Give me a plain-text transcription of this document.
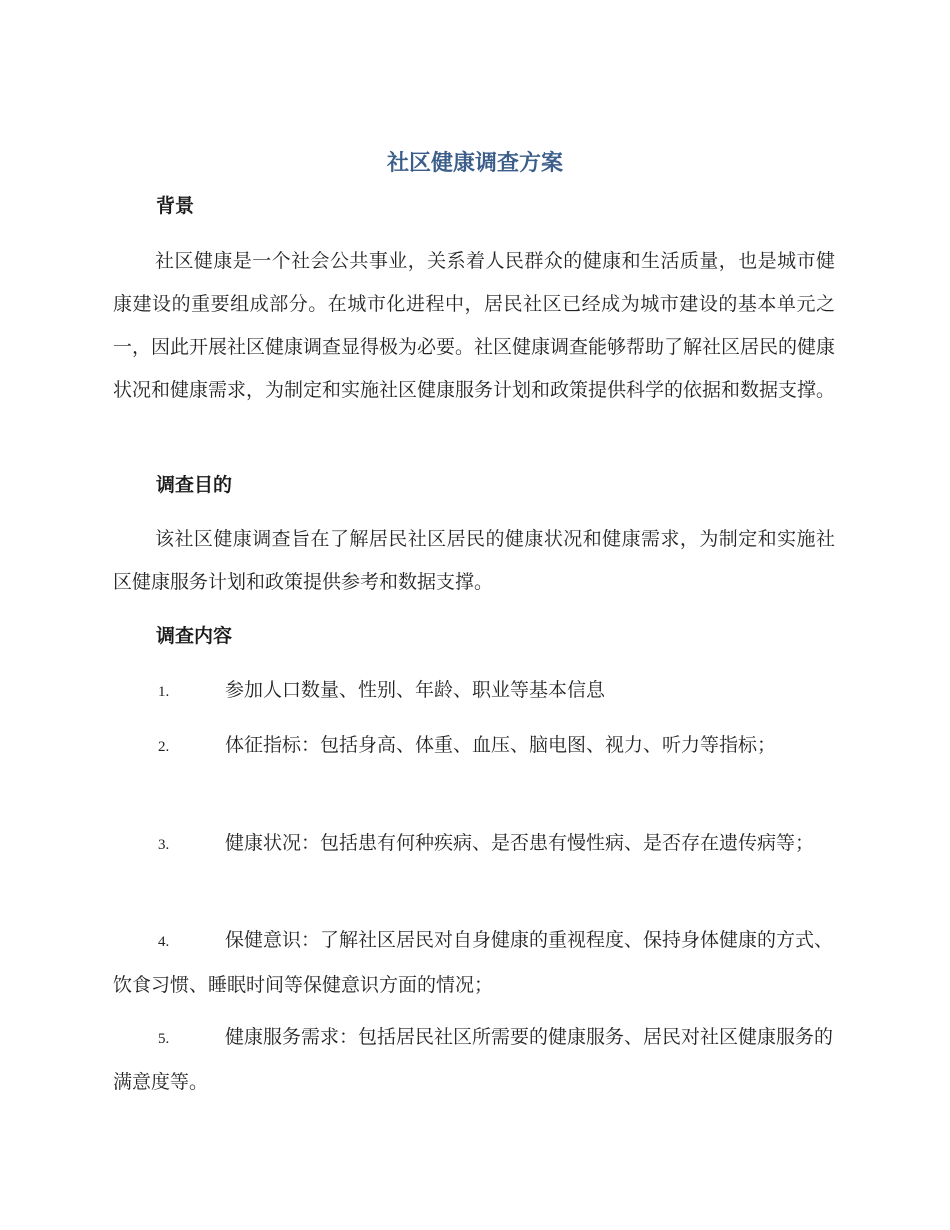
社区健康调查方案
背景

社区健康是一个社会公共事业，关系着人民群众的健康和生活质量，也是城市健康建设的重要组成部分。在城市化进程中，居民社区已经成为城市建设的基本单元之一，因此开展社区健康调查显得极为必要。社区健康调查能够帮助了解社区居民的健康状况和健康需求，为制定和实施社区健康服务计划和政策提供科学的依据和数据支撑。

调查目的

该社区健康调查旨在了解居民社区居民的健康状况和健康需求，为制定和实施社区健康服务计划和政策提供参考和数据支撑。

调查内容
1.	参加人口数量、性别、年龄、职业等基本信息
2.	体征指标：包括身高、体重、血压、脑电图、视力、听力等指标；
3.	健康状况：包括患有何种疾病、是否患有慢性病、是否存在遗传病等；
4.	保健意识：了解社区居民对自身健康的重视程度、保持身体健康的方式、饮食习惯、睡眠时间等保健意识方面的情况；
5.	健康服务需求：包括居民社区所需要的健康服务、居民对社区健康服务的满意度等。
